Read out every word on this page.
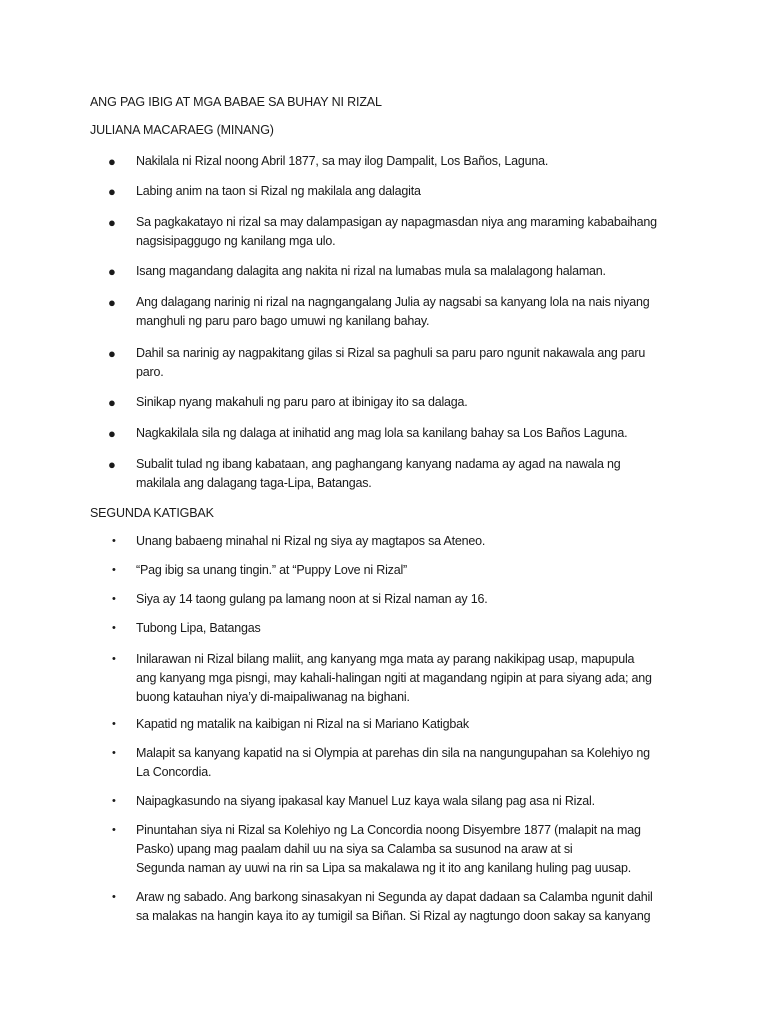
ANG PAG IBIG AT MGA BABAE SA BUHAY NI RIZAL
JULIANA MACARAEG (MINANG)
●	Nakilala ni Rizal noong Abril 1877, sa may ilog Dampalit, Los Baños, Laguna.
●	Labing anim na taon si Rizal ng makilala ang dalagita
●	Sa pagkakatayo ni rizal sa may dalampasigan ay napagmasdan niya ang maraming kababaihang
nagsisipaggugo ng kanilang mga ulo.
●	Isang magandang dalagita ang nakita ni rizal na lumabas mula sa malalagong halaman.
●	Ang dalagang narinig ni rizal na nagngangalang Julia ay nagsabi sa kanyang lola na nais niyang
manghuli ng paru paro bago umuwi ng kanilang bahay.
●	Dahil sa narinig ay nagpakitang gilas si Rizal sa paghuli sa paru paro ngunit nakawala ang paru
paro.
●	Sinikap nyang makahuli ng paru paro at ibinigay ito sa dalaga.
●	Nagkakilala sila ng dalaga at inihatid ang mag lola sa kanilang bahay sa Los Baños Laguna.
●	Subalit tulad ng ibang kabataan, ang paghangang kanyang nadama ay agad na nawala ng
makilala ang dalagang taga-Lipa, Batangas.
SEGUNDA KATIGBAK
•	Unang babaeng minahal ni Rizal ng siya ay magtapos sa Ateneo.
•	“Pag ibig sa unang tingin.” at “Puppy Love ni Rizal”
•	Siya ay 14 taong gulang pa lamang noon at si Rizal naman ay 16.
•	Tubong Lipa, Batangas
•	Inilarawan ni Rizal bilang maliit, ang kanyang mga mata ay parang nakikipag usap, mapupula
ang kanyang mga pisngi, may kahali-halingan ngiti at magandang ngipin at para siyang ada; ang
buong katauhan niya’y di-maipaliwanag na bighani.
•	Kapatid ng matalik na kaibigan ni Rizal na si Mariano Katigbak
•	Malapit sa kanyang kapatid na si Olympia at parehas din sila na nangungupahan sa Kolehiyo ng
La Concordia.
•	Naipagkasundo na siyang ipakasal kay Manuel Luz kaya wala silang pag asa ni Rizal.
•	Pinuntahan siya ni Rizal sa Kolehiyo ng La Concordia noong Disyembre 1877 (malapit na mag
Pasko) upang mag paalam dahil uu na siya sa Calamba sa susunod na araw at si
Segunda naman ay uuwi na rin sa Lipa sa makalawa ng it ito ang kanilang huling pag uusap.
•	Araw ng sabado. Ang barkong sinasakyan ni Segunda ay dapat dadaan sa Calamba ngunit dahil
sa malakas na hangin kaya ito ay tumigil sa Biñan. Si Rizal ay nagtungo doon sakay sa kanyang
